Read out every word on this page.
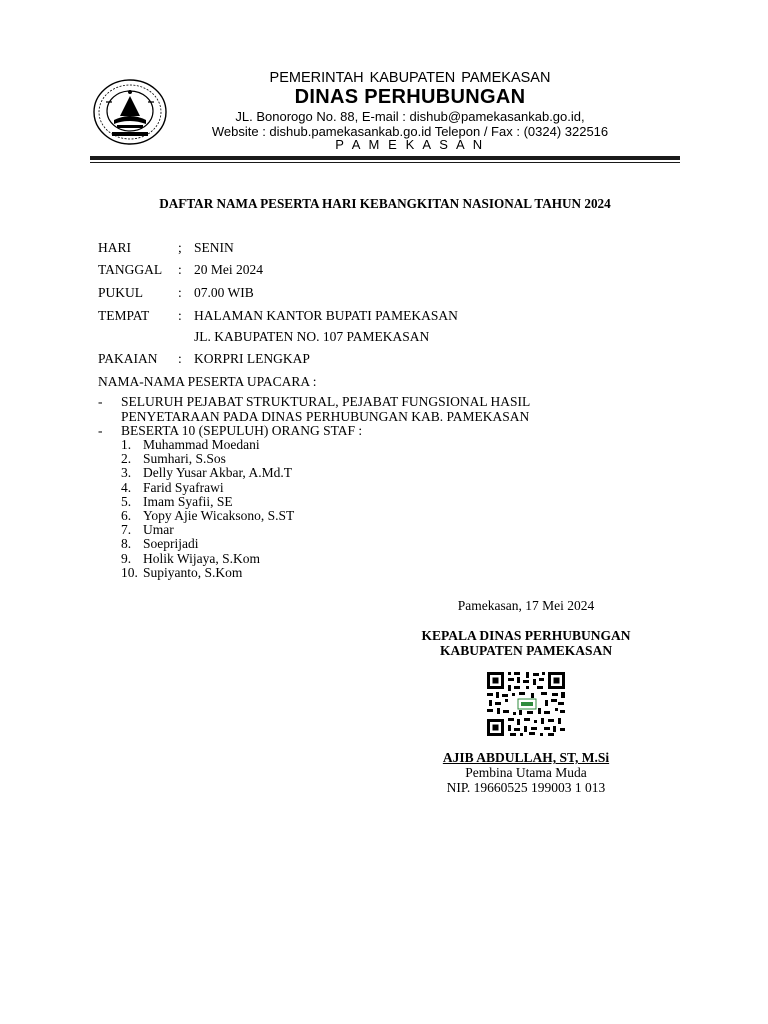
PEMERINTAH KABUPATEN PAMEKASAN
DINAS PERHUBUNGAN
JL. Bonorogo No. 88, E-mail : dishub@pamekasankab.go.id,
Website : dishub.pamekasankab.go.id Telepon / Fax : (0324) 322516
P A M E K A S A N
DAFTAR NAMA PESERTA HARI KEBANGKITAN NASIONAL TAHUN 2024
HARI	; SENIN
TANGGAL : 20 Mei 2024
PUKUL	: 07.00 WIB
TEMPAT : HALAMAN KANTOR BUPATI PAMEKASAN
JL. KABUPATEN NO. 107 PAMEKASAN
PAKAIAN : KORPRI LENGKAP
NAMA-NAMA PESERTA UPACARA :
- SELURUH PEJABAT STRUKTURAL, PEJABAT FUNGSIONAL HASIL
PENYETARAAN PADA DINAS PERHUBUNGAN KAB. PAMEKASAN
- BESERTA 10 (SEPULUH) ORANG STAF :
1. Muhammad Moedani
2. Sumhari, S.Sos
3. Delly Yusar Akbar, A.Md.T
4. Farid Syafrawi
5. Imam Syafii, SE
6. Yopy Ajie Wicaksono, S.ST
7. Umar
8. Soeprijadi
9. Holik Wijaya, S.Kom
10. Supiyanto, S.Kom
Pamekasan, 17 Mei 2024
KEPALA DINAS PERHUBUNGAN
KABUPATEN PAMEKASAN
AJIB ABDULLAH, ST, M.Si
Pembina Utama Muda
NIP. 19660525 199003 1 013
